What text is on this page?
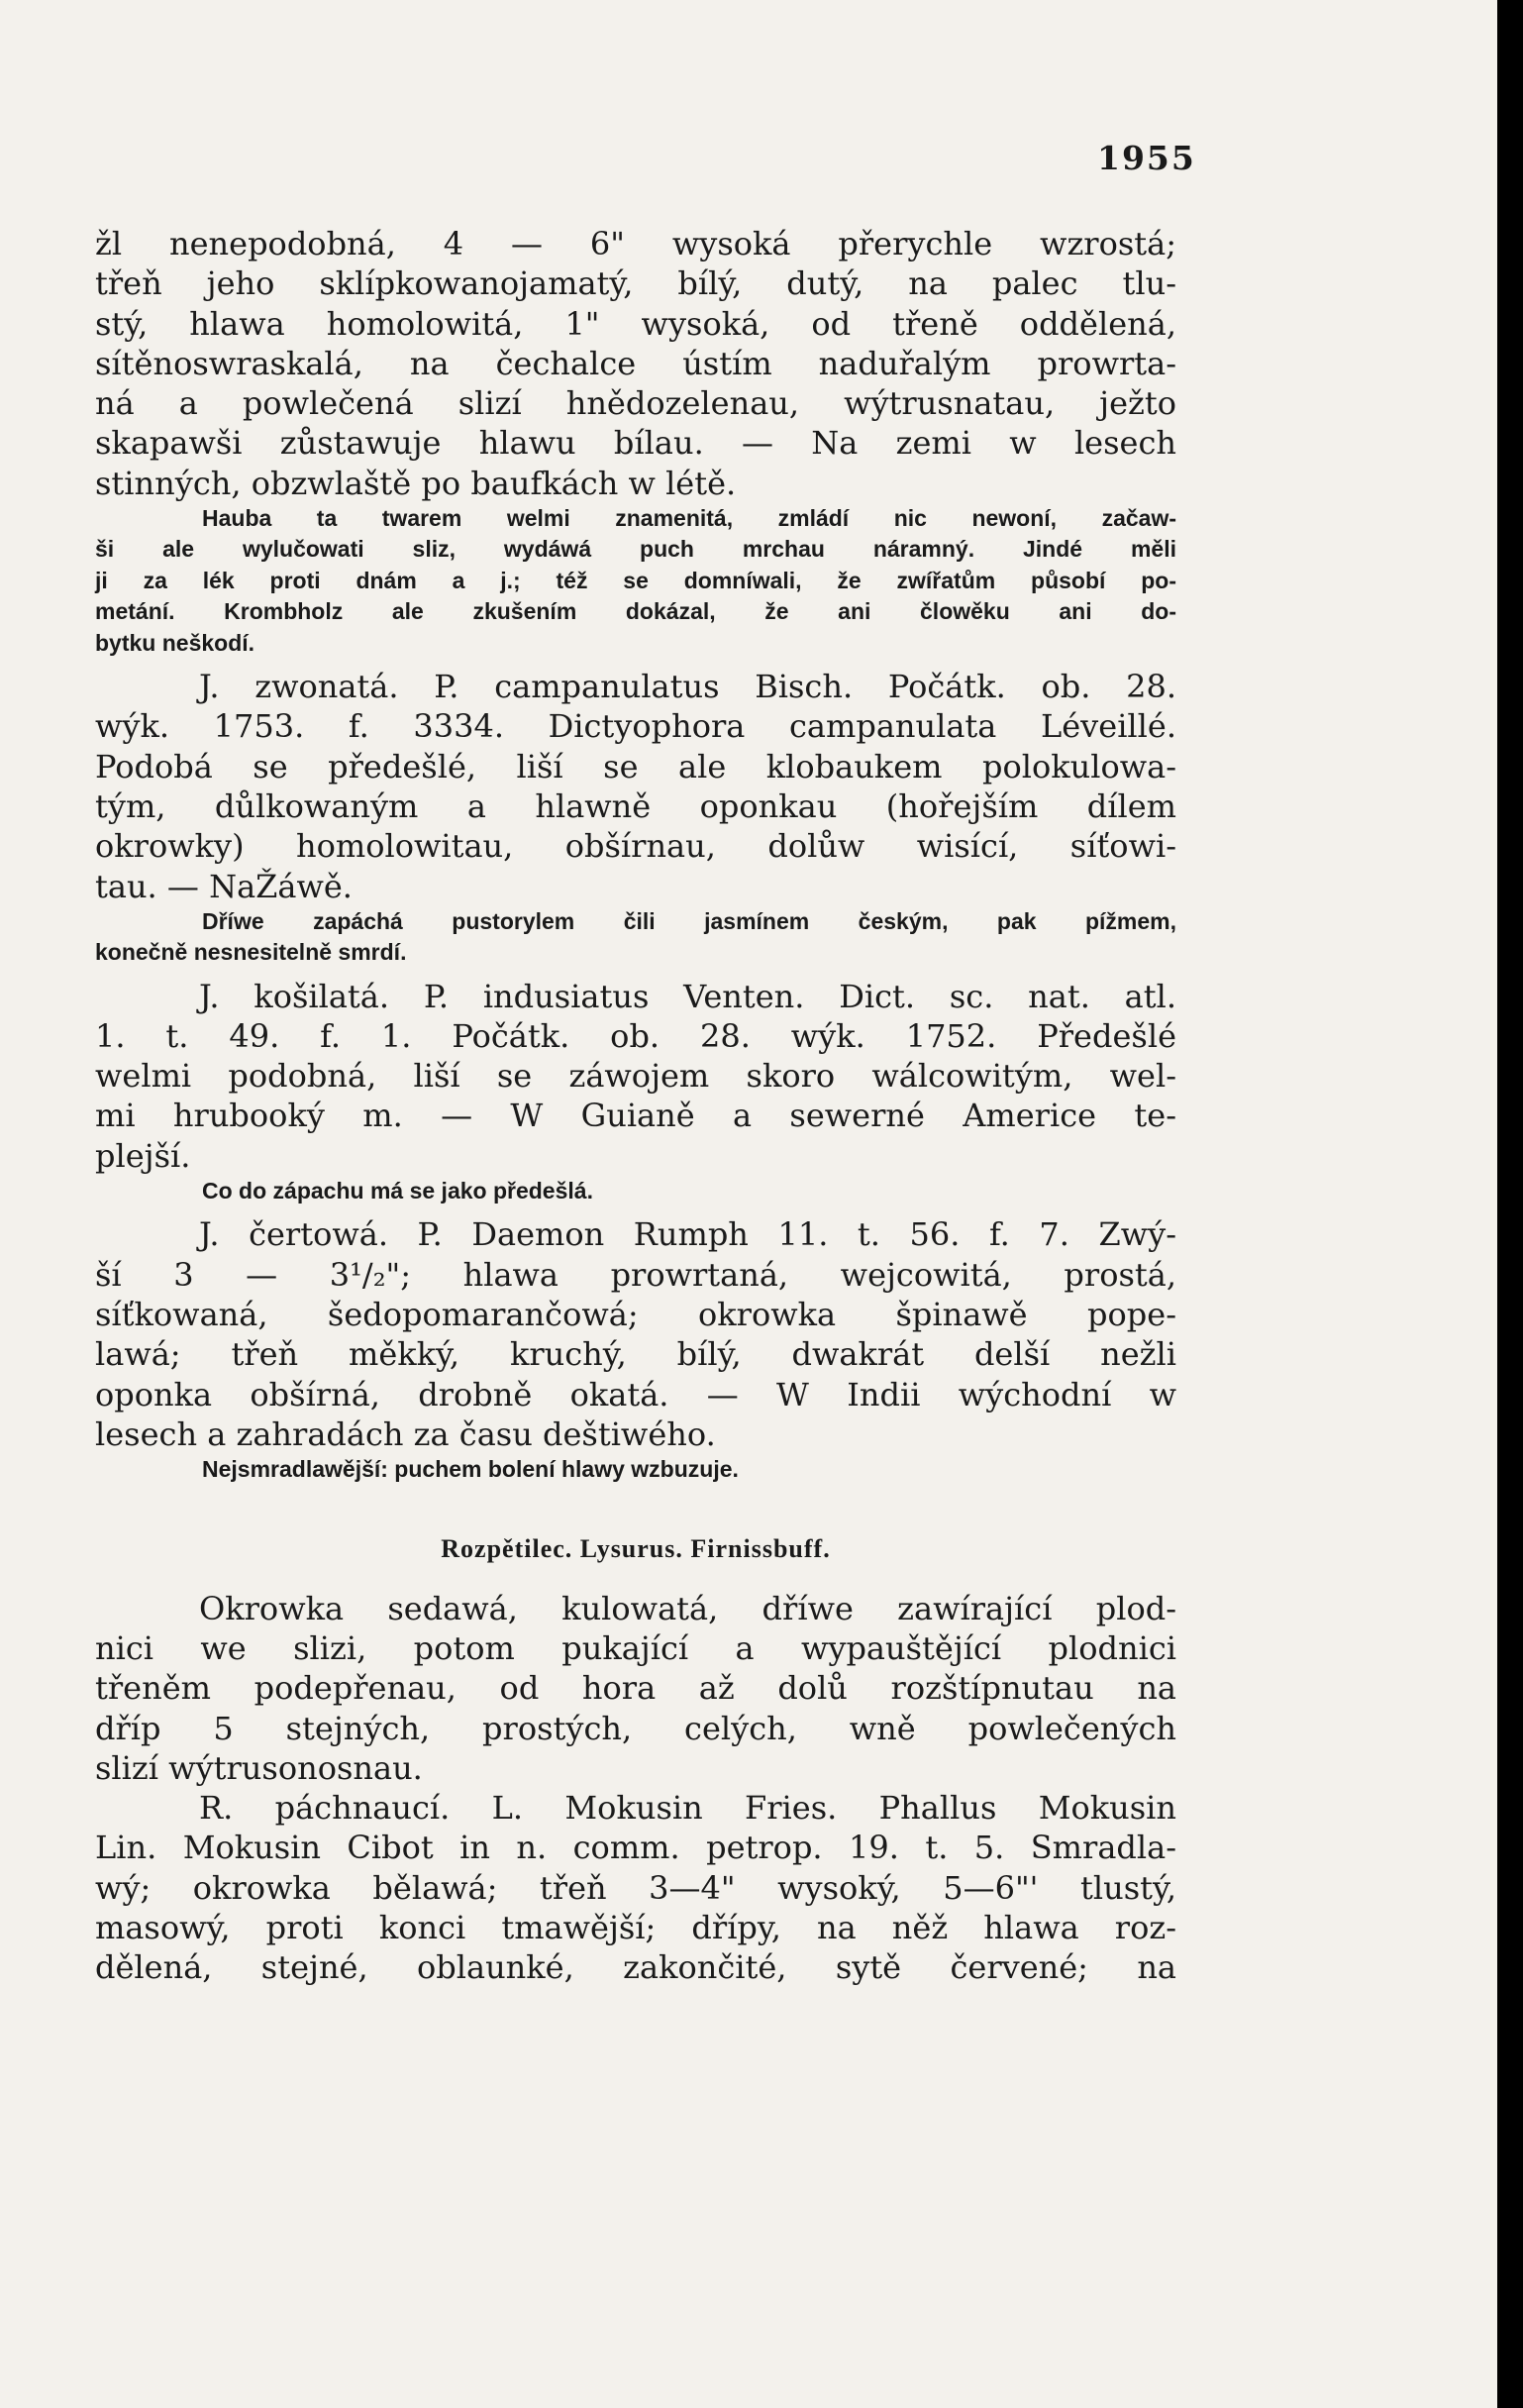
1955
žl nenepodobná, 4 — 6" wysoká přerychle wzrostá;
třeň jeho sklípkowanojamatý, bílý, dutý, na palec tlu-
stý, hlawa homolowitá, 1" wysoká, od třeně oddělená,
sítěnoswraskalá, na čechalce ústím naduřalým prowrta-
ná a powlečená slizí hnědozelenau, wýtrusnatau, ježto
skapawši zůstawuje hlawu bílau. — Na zemi w lesech
stinných, obzwlaště po baufkách w létě.
Hauba ta twarem welmi znamenitá, zmládí nic newoní, začaw-
ši ale wylučowati sliz, wydáwá puch mrchau náramný. Jindé měli
ji za lék proti dnám a j.; též se domníwali, že zwířatům působí po-
metání. Krombholz ale zkušením dokázal, že ani člowěku ani do-
bytku neškodí.
J. zwonatá. P. campanulatus Bisch. Počátk. ob. 28.
wýk. 1753. f. 3334. Dictyophora campanulata Léveillé.
Podobá se předešlé, liší se ale klobaukem polokulowa-
tým, důlkowaným a hlawně oponkau (hořejším dílem
okrowky) homolowitau, obšírnau, dolůw wisící, síťowi-
tau. — NaŽáwě.
Dříwe zapáchá pustorylem čili jasmínem českým, pak pížmem,
konečně nesnesitelně smrdí.
J. košilatá. P. indusiatus Venten. Dict. sc. nat. atl.
1. t. 49. f. 1. Počátk. ob. 28. wýk. 1752. Předešlé
welmi podobná, liší se záwojem skoro wálcowitým, wel-
mi hrubooký m. — W Guianě a sewerné Americe te-
plejší.
Co do zápachu má se jako předešlá.
J. čertowá. P. Daemon Rumph 11. t. 56. f. 7. Zwý-
ší 3 — 3¹/₂"; hlawa prowrtaná, wejcowitá, prostá,
síťkowaná, šedopomarančowá; okrowka špinawě pope-
lawá; třeň měkký, kruchý, bílý, dwakrát delší nežli
oponka obšírná, drobně okatá. — W Indii wýchodní w
lesech a zahradách za času deštiwého.
Nejsmradlawější: puchem bolení hlawy wzbuzuje.
Rozpětilec. Lysurus. Firnissbuff.
Okrowka sedawá, kulowatá, dříwe zawírající plod-
nici we slizi, potom pukající a wypauštějící plodnici
třeněm podepřenau, od hora až dolů rozštípnutau na
dříp 5 stejných, prostých, celých, wně powlečených
slizí wýtrusonosnau.
R. páchnaucí. L. Mokusin Fries. Phallus Mokusin
Lin. Mokusin Cibot in n. comm. petrop. 19. t. 5. Smradla-
wý; okrowka bělawá; třeň 3—4" wysoký, 5—6"' tlustý,
masowý, proti konci tmawější; dřípy, na něž hlawa roz-
dělená, stejné, oblaunké, zakončité, sytě červené; na
